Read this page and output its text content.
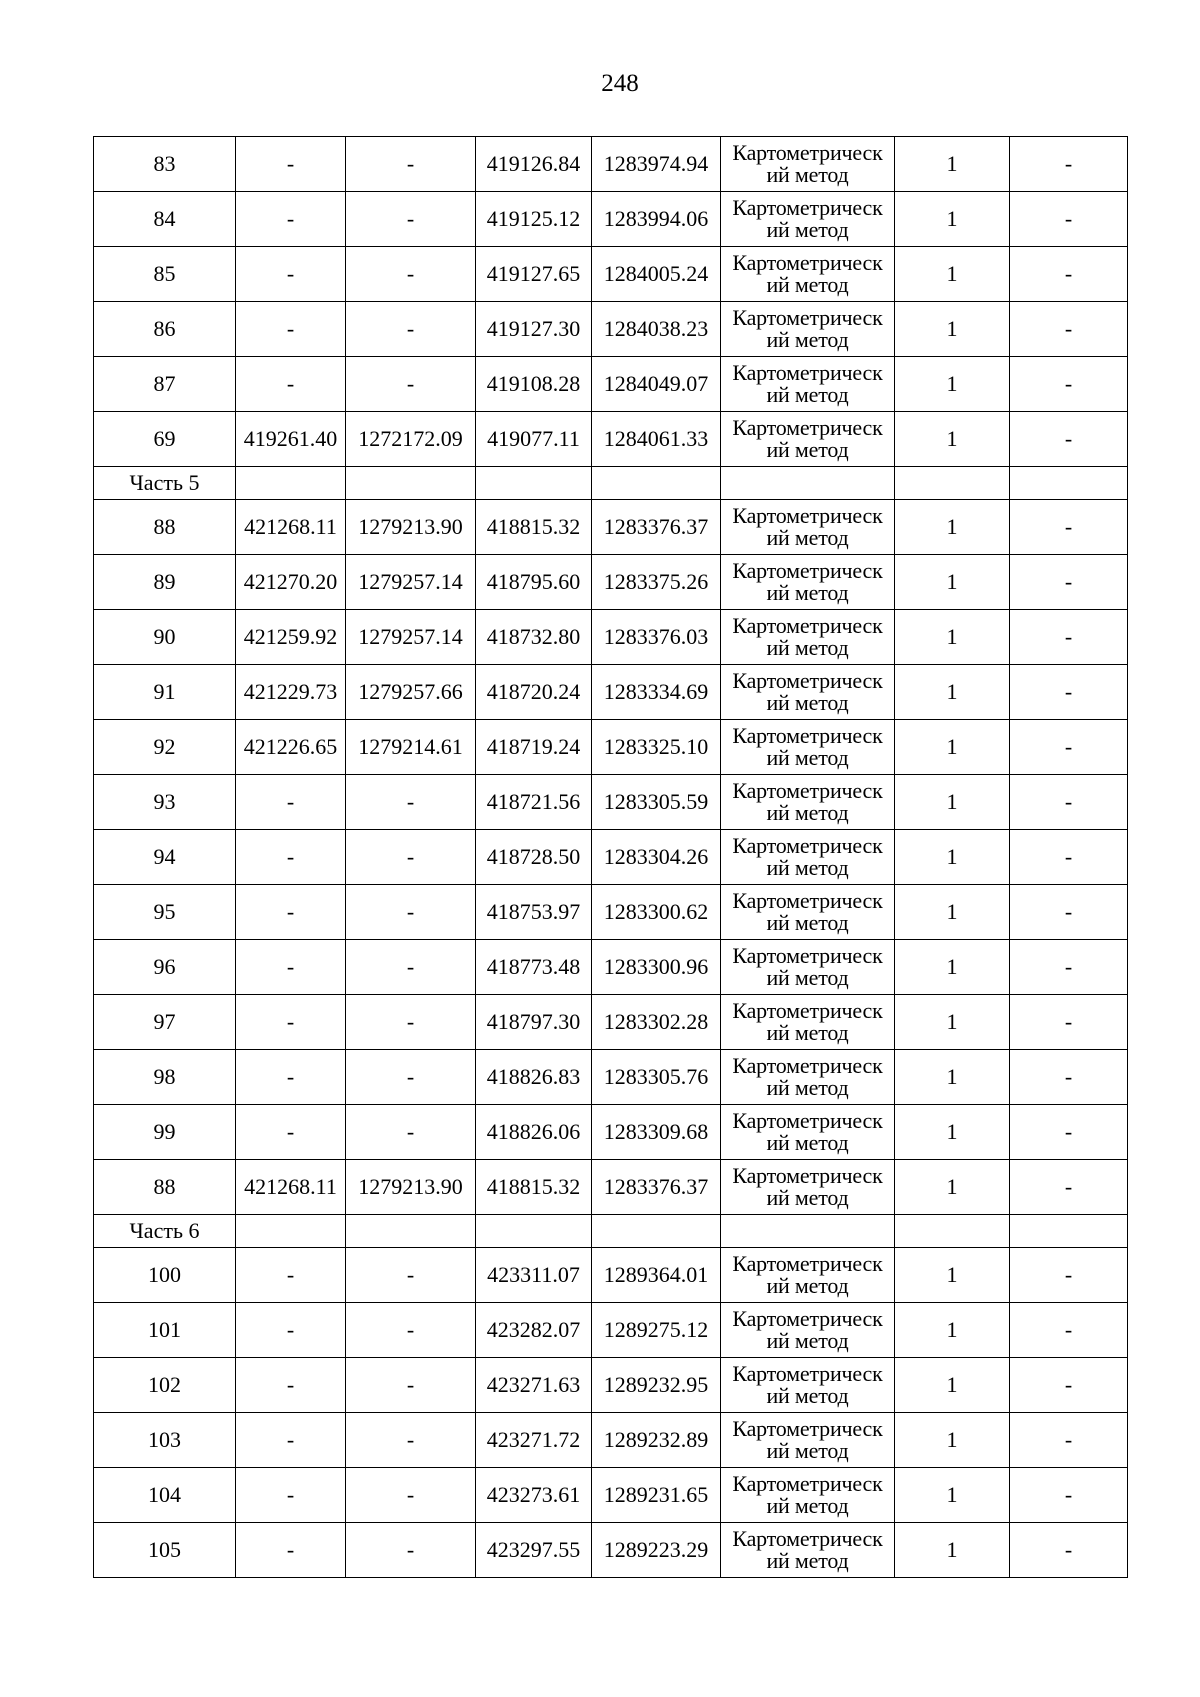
248
83	-	-	419126.84	1283974.94	Картометрическ
ий метод	1	-
84	-	-	419125.12	1283994.06	Картометрическ
ий метод	1	-
85	-	-	419127.65	1284005.24	Картометрическ
ий метод	1	-
86	-	-	419127.30	1284038.23	Картометрическ
ий метод	1	-
87	-	-	419108.28	1284049.07	Картометрическ
ий метод	1	-
69	419261.40	1272172.09	419077.11	1284061.33	Картометрическ
ий метод	1	-
Часть 5							
88	421268.11	1279213.90	418815.32	1283376.37	Картометрическ
ий метод	1	-
89	421270.20	1279257.14	418795.60	1283375.26	Картометрическ
ий метод	1	-
90	421259.92	1279257.14	418732.80	1283376.03	Картометрическ
ий метод	1	-
91	421229.73	1279257.66	418720.24	1283334.69	Картометрическ
ий метод	1	-
92	421226.65	1279214.61	418719.24	1283325.10	Картометрическ
ий метод	1	-
93	-	-	418721.56	1283305.59	Картометрическ
ий метод	1	-
94	-	-	418728.50	1283304.26	Картометрическ
ий метод	1	-
95	-	-	418753.97	1283300.62	Картометрическ
ий метод	1	-
96	-	-	418773.48	1283300.96	Картометрическ
ий метод	1	-
97	-	-	418797.30	1283302.28	Картометрическ
ий метод	1	-
98	-	-	418826.83	1283305.76	Картометрическ
ий метод	1	-
99	-	-	418826.06	1283309.68	Картометрическ
ий метод	1	-
88	421268.11	1279213.90	418815.32	1283376.37	Картометрическ
ий метод	1	-
Часть 6							
100	-	-	423311.07	1289364.01	Картометрическ
ий метод	1	-
101	-	-	423282.07	1289275.12	Картометрическ
ий метод	1	-
102	-	-	423271.63	1289232.95	Картометрическ
ий метод	1	-
103	-	-	423271.72	1289232.89	Картометрическ
ий метод	1	-
104	-	-	423273.61	1289231.65	Картометрическ
ий метод	1	-
105	-	-	423297.55	1289223.29	Картометрическ
ий метод	1	-
